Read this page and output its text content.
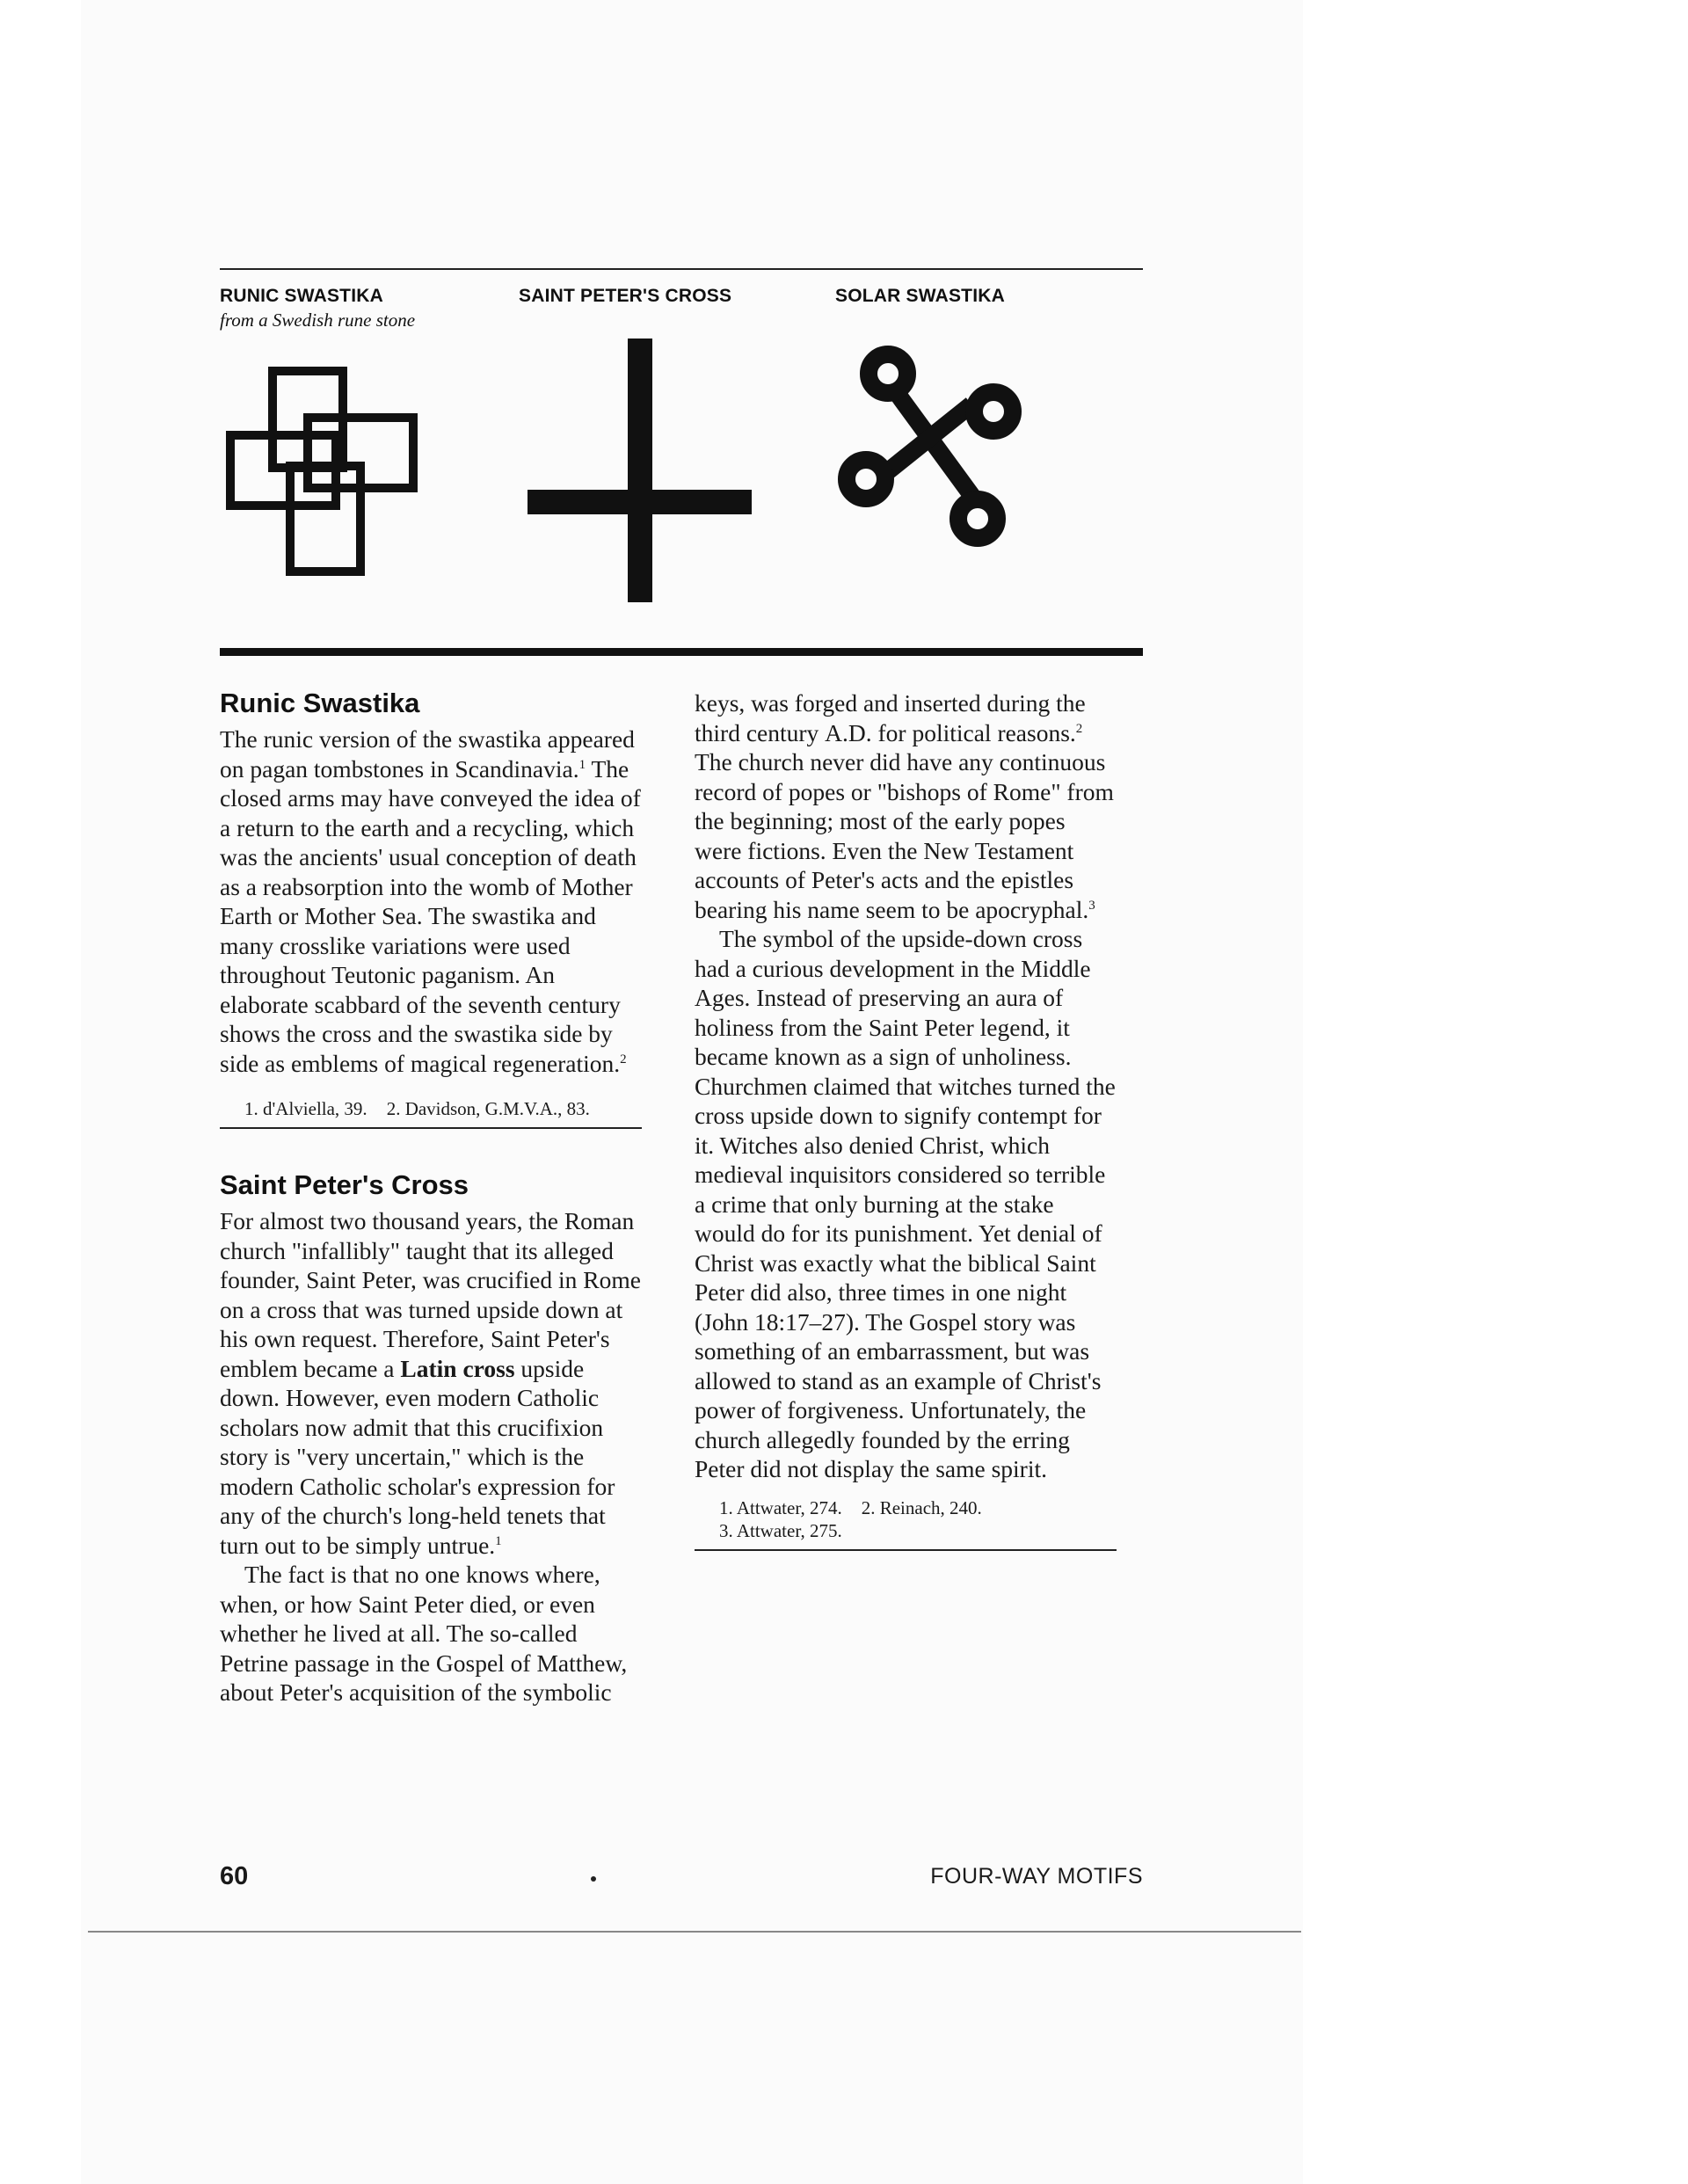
RUNIC SWASTIKA
from a Swedish rune stone
SAINT PETER'S CROSS	SOLAR SWASTIKA
Runic Swastika

The runic version of the swastika appeared on pagan tombstones in Scandinavia.$^1$ The closed arms may have conveyed the idea of a return to the earth and a recycling, which was the ancients' usual conception of death as a reabsorption into the womb of Mother Earth or Mother Sea. The swastika and many crosslike variations were used throughout Teutonic paganism. An elaborate scabbard of the seventh century shows the cross and the swastika side by side as emblems of magical regeneration.$^2$

1. d'Alviella, 39. 2. Davidson, G.M.V.A., 83.
Saint Peter's Cross

For almost two thousand years, the Roman church "infallibly" taught that its alleged founder, Saint Peter, was crucified in Rome on a cross that was turned upside down at his own request. Therefore, Saint Peter's emblem became a Latin cross upside down. However, even modern Catholic scholars now admit that this crucifixion story is "very uncertain," which is the modern Catholic scholar's expression for any of the church's long-held tenets that turn out to be simply untrue.$^1$

The fact is that no one knows where, when, or how Saint Peter died, or even whether he lived at all. The so-called Petrine passage in the Gospel of Matthew, about Peter's acquisition of the symbolic

keys, was forged and inserted during the third century A.D. for political reasons.$^2$ The church never did have any continuous record of popes or "bishops of Rome" from the beginning; most of the early popes were fictions. Even the New Testament accounts of Peter's acts and the epistles bearing his name seem to be apocryphal.$^3$

The symbol of the upside-down cross had a curious development in the Middle Ages. Instead of preserving an aura of holiness from the Saint Peter legend, it became known as a sign of unholiness. Churchmen claimed that witches turned the cross upside down to signify contempt for it. Witches also denied Christ, which medieval inquisitors considered so terrible a crime that only burning at the stake would do for its punishment. Yet denial of Christ was exactly what the biblical Saint Peter did also, three times in one night (John 18:17–27). The Gospel story was something of an embarrassment, but was allowed to stand as an example of Christ's power of forgiveness. Unfortunately, the church allegedly founded by the erring Peter did not display the same spirit.

1. Attwater, 274. 2. Reinach, 240.
3. Attwater, 275.
60	FOUR-WAY MOTIFS
